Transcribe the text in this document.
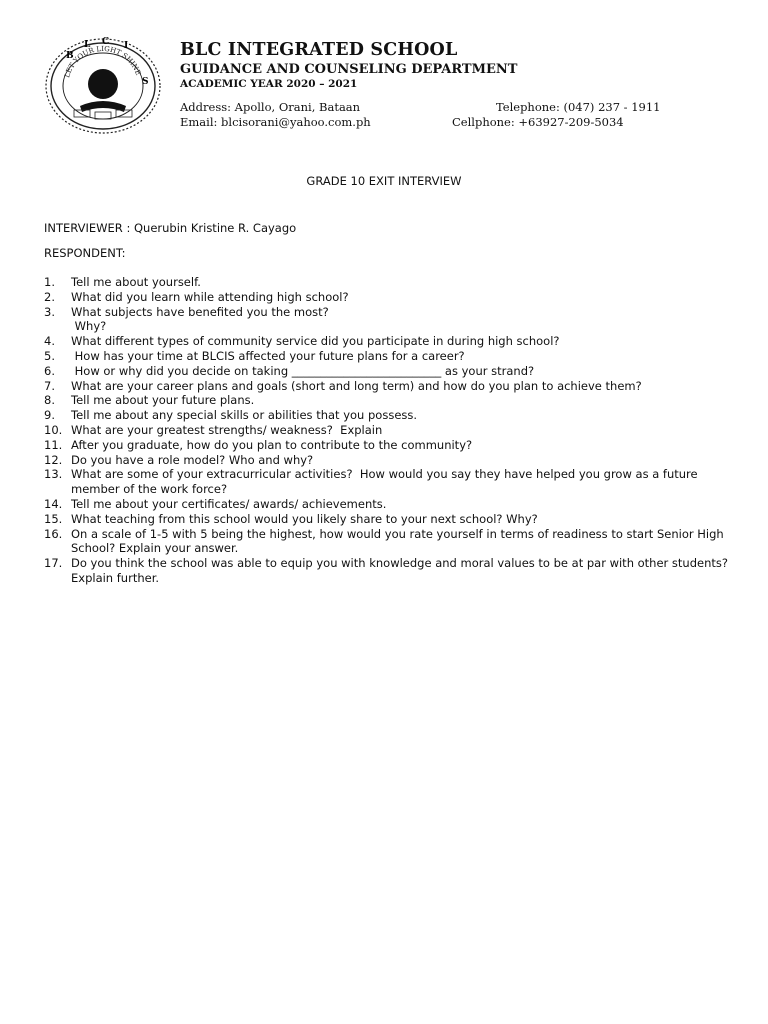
LET YOUR LIGHT SHINE
B
L C I
S
BLC INTEGRATED SCHOOL
GUIDANCE AND COUNSELING DEPARTMENT
ACADEMIC YEAR 2020 – 2021
Address: Apollo, Orani, Bataan
Email: blcisorani@yahoo.com.ph
Telephone: (047) 237 - 1911
Cellphone: +63927-209-5034
GRADE 10 EXIT INTERVIEW
INTERVIEWER : Querubin Kristine R. Cayago
RESPONDENT:
1. Tell me about yourself.
2. What did you learn while attending high school?
3. What subjects have benefited you the most?
Why?
4. What different types of community service did you participate in during high school?
5. How has your time at BLCIS affected your future plans for a career?
6. How or why did you decide on taking __________________________ as your strand?
7. What are your career plans and goals (short and long term) and how do you plan to achieve them?
8. Tell me about your future plans.
9. Tell me about any special skills or abilities that you possess.
10. What are your greatest strengths/ weakness?  Explain
11. After you graduate, how do you plan to contribute to the community?
12. Do you have a role model? Who and why?
13. What are some of your extracurricular activities?  How would you say they have helped you grow as a future member of the work force?
14. Tell me about your certificates/ awards/ achievements.
15. What teaching from this school would you likely share to your next school? Why?
16. On a scale of 1-5 with 5 being the highest, how would you rate yourself in terms of readiness to start Senior High School? Explain your answer.
17. Do you think the school was able to equip you with knowledge and moral values to be at par with other students? Explain further.
